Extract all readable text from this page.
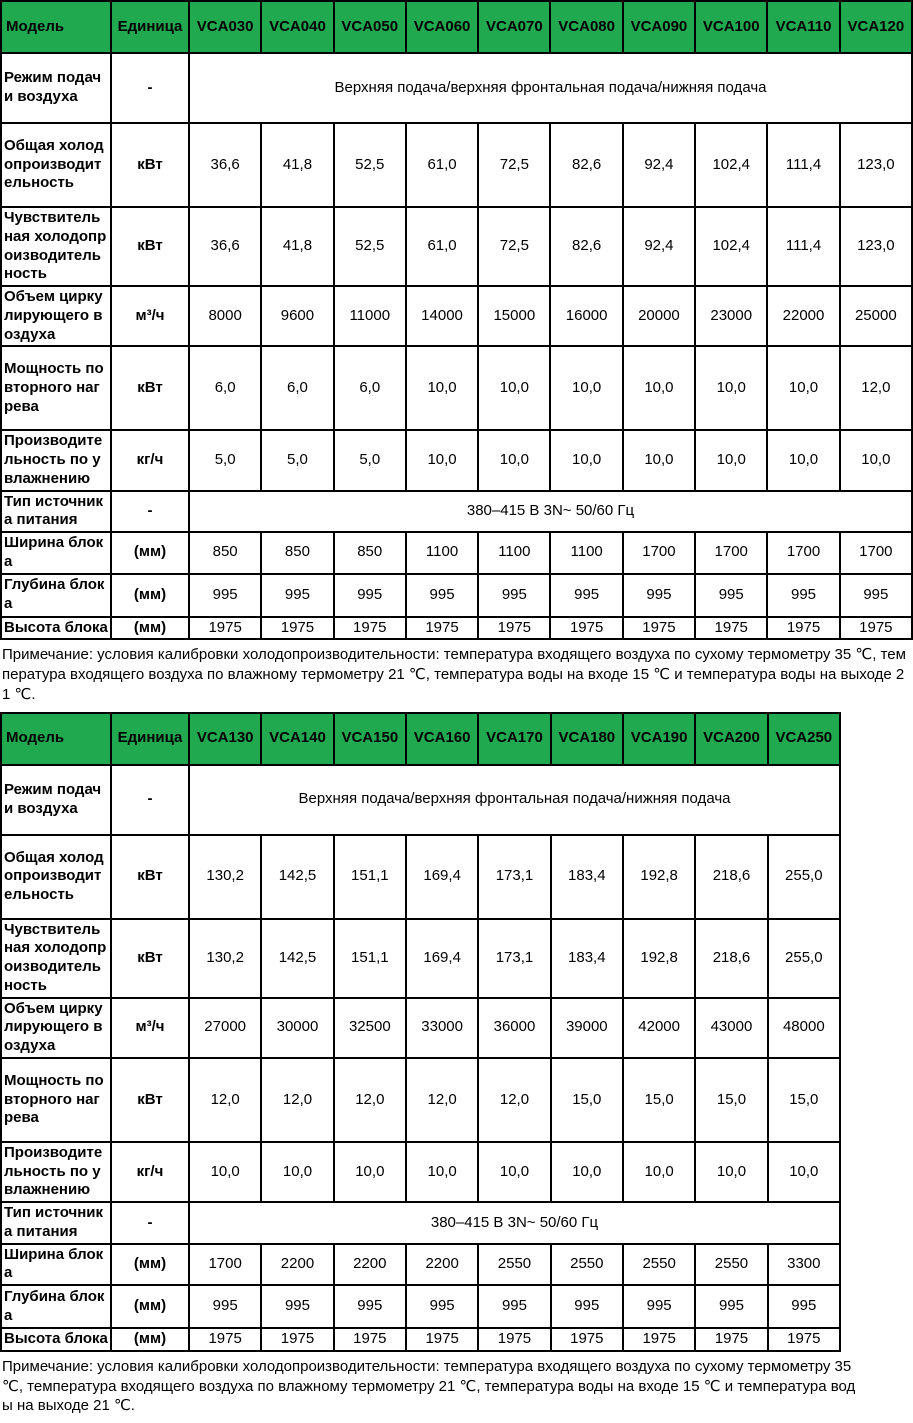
Модель	Единица	VCA030	VCA040	VCA050	VCA060	VCA070	VCA080	VCA090	VCA100	VCA110	VCA120
Режим подачи воздуха	-	Верхняя подача/верхняя фронтальная подача/нижняя подача									
Общая холодопроизводительность	кВт	36,6	41,8	52,5	61,0	72,5	82,6	92,4	102,4	111,4	123,0
Чувствительная холодопроизводительность	кВт	36,6	41,8	52,5	61,0	72,5	82,6	92,4	102,4	111,4	123,0
Объем циркулирующего воздуха	м³/ч	8000	9600	11000	14000	15000	16000	20000	23000	22000	25000
Мощность повторного нагрева	кВт	6,0	6,0	6,0	10,0	10,0	10,0	10,0	10,0	10,0	12,0
Производительность по увлажнению	кг/ч	5,0	5,0	5,0	10,0	10,0	10,0	10,0	10,0	10,0	10,0
Тип источника питания	-	380–415 В 3N~ 50/60 Гц									
Ширина блока	(мм)	850	850	850	1100	1100	1100	1700	1700	1700	1700
Глубина блока	(мм)	995	995	995	995	995	995	995	995	995	995
Высота блока	(мм)	1975	1975	1975	1975	1975	1975	1975	1975	1975	1975

Примечание: условия калибровки холодопроизводительности: температура входящего воздуха по сухому термометру 35 ℃, температура входящего воздуха по влажному термометру 21 ℃, температура воды на входе 15 ℃ и температура воды на выходе 21 ℃.

Модель	Единица	VCA130	VCA140	VCA150	VCA160	VCA170	VCA180	VCA190	VCA200	VCA250
Режим подачи воздуха	-	Верхняя подача/верхняя фронтальная подача/нижняя подача								
Общая холодопроизводительность	кВт	130,2	142,5	151,1	169,4	173,1	183,4	192,8	218,6	255,0
Чувствительная холодопроизводительность	кВт	130,2	142,5	151,1	169,4	173,1	183,4	192,8	218,6	255,0
Объем циркулирующего воздуха	м³/ч	27000	30000	32500	33000	36000	39000	42000	43000	48000
Мощность повторного нагрева	кВт	12,0	12,0	12,0	12,0	12,0	15,0	15,0	15,0	15,0
Производительность по увлажнению	кг/ч	10,0	10,0	10,0	10,0	10,0	10,0	10,0	10,0	10,0
Тип источника питания	-	380–415 В 3N~ 50/60 Гц								
Ширина блока	(мм)	1700	2200	2200	2200	2550	2550	2550	2550	3300
Глубина блока	(мм)	995	995	995	995	995	995	995	995	995
Высота блока	(мм)	1975	1975	1975	1975	1975	1975	1975	1975	1975

Примечание: условия калибровки холодопроизводительности: температура входящего воздуха по сухому термометру 35 ℃, температура входящего воздуха по влажному термометру 21 ℃, температура воды на входе 15 ℃ и температура воды на выходе 21 ℃.
